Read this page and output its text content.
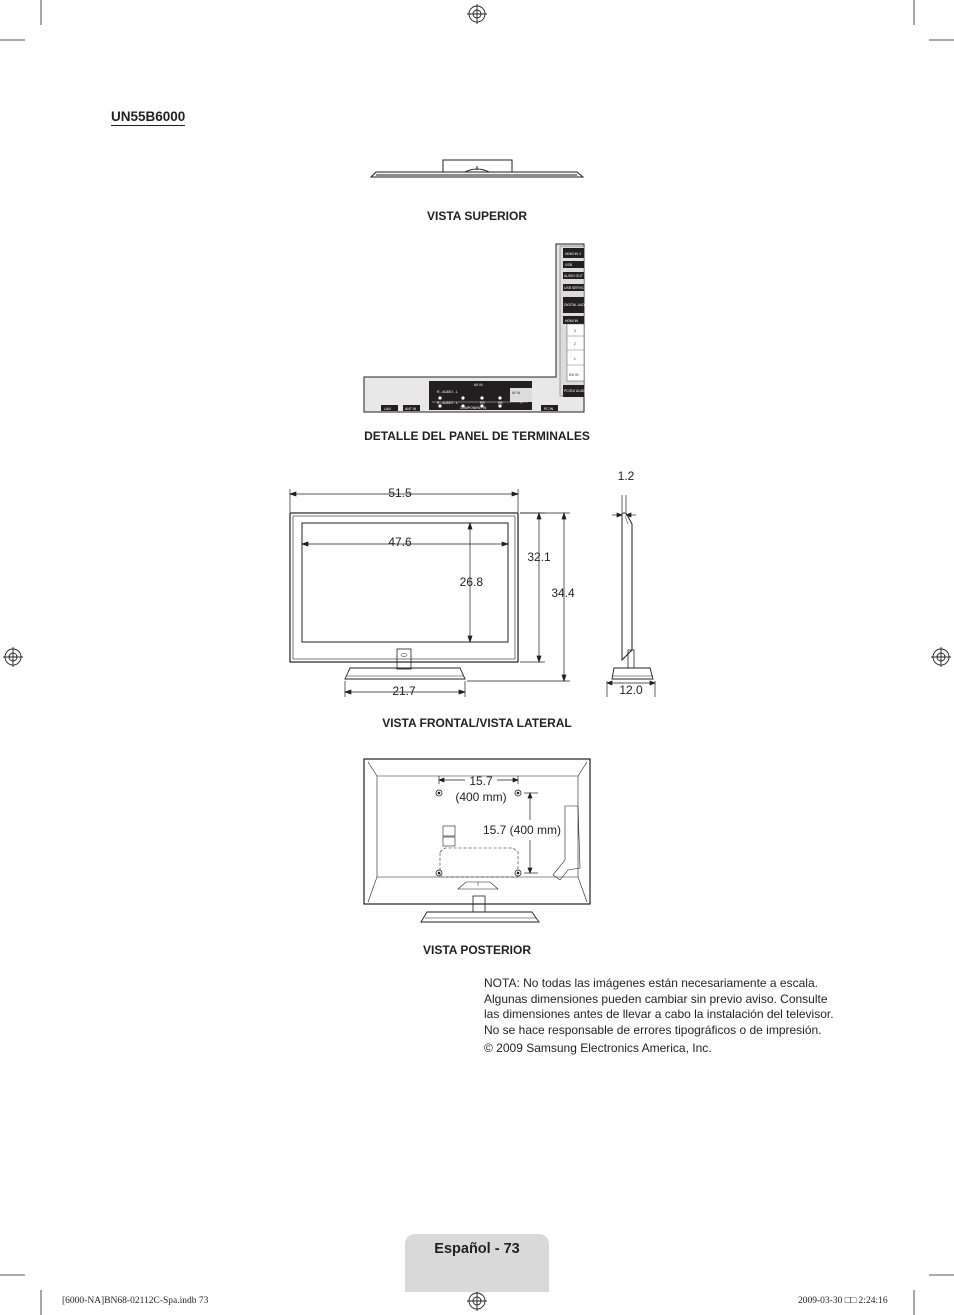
HDMI IN 4
USB
AUDIO OUT
USB SERVICE
DIGITAL AUDIO OUT (OPTICAL)
HDMI IN
3
2
1
DVI IN
PC/DVI AUDIO IN
AV IN
COMPONENT IN
LAN	ANT IN	PC IN
R - AUDIO - L	AV IN
R - AUDIO - L	PR	PB	Y
51.5
47.6
26.8
32.1
34.4
21.7
1.2
12.0
15.7
(400 mm)
15.7 (400 mm)
UN55B6000
VISTA SUPERIOR
DETALLE DEL PANEL DE TERMINALES
VISTA FRONTAL/VISTA LATERAL
VISTA POSTERIOR

NOTA: No todas las imágenes están necesariamente a escala. Algunas dimensiones pueden cambiar sin previo aviso. Consulte las dimensiones antes de llevar a cabo la instalación del televisor. No se hace responsable de errores tipográficos o de impresión.

© 2009 Samsung Electronics America, Inc.

Español - 73
[6000-NA]BN68-02112C-Spa.indb 73	2009-03-30 □□ 2:24:16
